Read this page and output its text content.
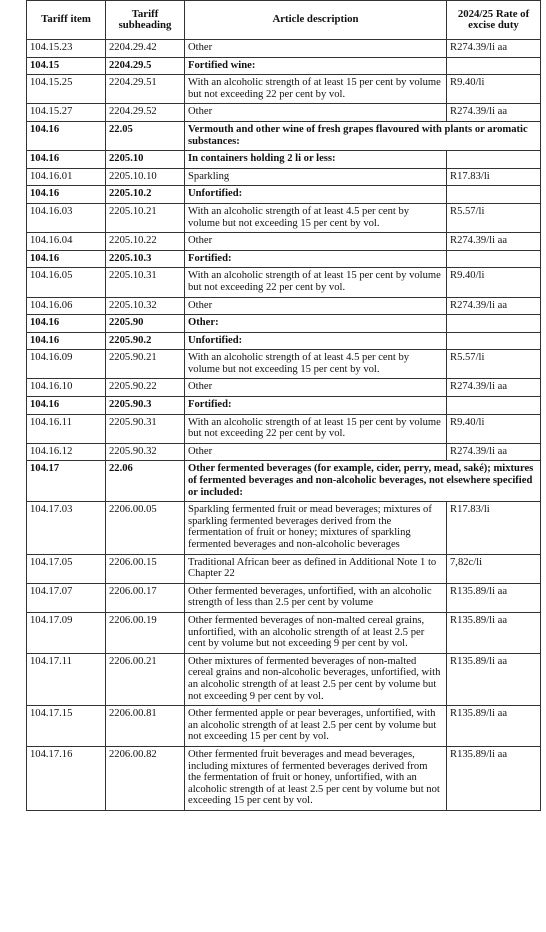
Tariff item	Tariff subheading	Article description	2024/25 Rate of excise duty
104.15.23	2204.29.42	Other	R274.39/li aa
104.15	2204.29.5	Fortified wine:	
104.15.25	2204.29.51	With an alcoholic strength of at least 15 per cent by volume but not exceeding 22 per cent by vol.	R9.40/li
104.15.27	2204.29.52	Other	R274.39/li aa
104.16	22.05	Vermouth and other wine of fresh grapes flavoured with plants or aromatic substances:	
104.16	2205.10	In containers holding 2 li or less:	
104.16.01	2205.10.10	Sparkling	R17.83/li
104.16	2205.10.2	Unfortified:	
104.16.03	2205.10.21	With an alcoholic strength of at least 4.5 per cent by volume but not exceeding 15 per cent by vol.	R5.57/li
104.16.04	2205.10.22	Other	R274.39/li aa
104.16	2205.10.3	Fortified:	
104.16.05	2205.10.31	With an alcoholic strength of at least 15 per cent by volume but not exceeding 22 per cent by vol.	R9.40/li
104.16.06	2205.10.32	Other	R274.39/li aa
104.16	2205.90	Other:	
104.16	2205.90.2	Unfortified:	
104.16.09	2205.90.21	With an alcoholic strength of at least 4.5 per cent by volume but not exceeding 15 per cent by vol.	R5.57/li
104.16.10	2205.90.22	Other	R274.39/li aa
104.16	2205.90.3	Fortified:	
104.16.11	2205.90.31	With an alcoholic strength of at least 15 per cent by volume but not exceeding 22 per cent by vol.	R9.40/li
104.16.12	2205.90.32	Other	R274.39/li aa
104.17	22.06	Other fermented beverages (for example, cider, perry, mead, saké); mixtures of fermented beverages and non-alcoholic beverages, not elsewhere specified or included:	
104.17.03	2206.00.05	Sparkling fermented fruit or mead beverages; mixtures of sparkling fermented beverages derived from the fermentation of fruit or honey; mixtures of sparkling fermented beverages and non-alcoholic beverages	R17.83/li
104.17.05	2206.00.15	Traditional African beer as defined in Additional Note 1 to Chapter 22	7,82c/li
104.17.07	2206.00.17	Other fermented beverages, unfortified, with an alcoholic strength of less than 2.5 per cent by volume	R135.89/li aa
104.17.09	2206.00.19	Other fermented beverages of non-malted cereal grains, unfortified, with an alcoholic strength of at least 2.5 per cent by volume but not exceeding 9 per cent by vol.	R135.89/li aa
104.17.11	2206.00.21	Other mixtures of fermented beverages of non-malted cereal grains and non-alcoholic beverages, unfortified, with an alcoholic strength of at least 2.5 per cent by volume but not exceeding 9 per cent by vol.	R135.89/li aa
104.17.15	2206.00.81	Other fermented apple or pear beverages, unfortified, with an alcoholic strength of at least 2.5 per cent by volume but not exceeding 15 per cent by vol.	R135.89/li aa
104.17.16	2206.00.82	Other fermented fruit beverages and mead beverages, including mixtures of fermented beverages derived from the fermentation of fruit or honey, unfortified, with an alcoholic strength of at least 2.5 per cent by volume but not exceeding 15 per cent by vol.	R135.89/li aa
